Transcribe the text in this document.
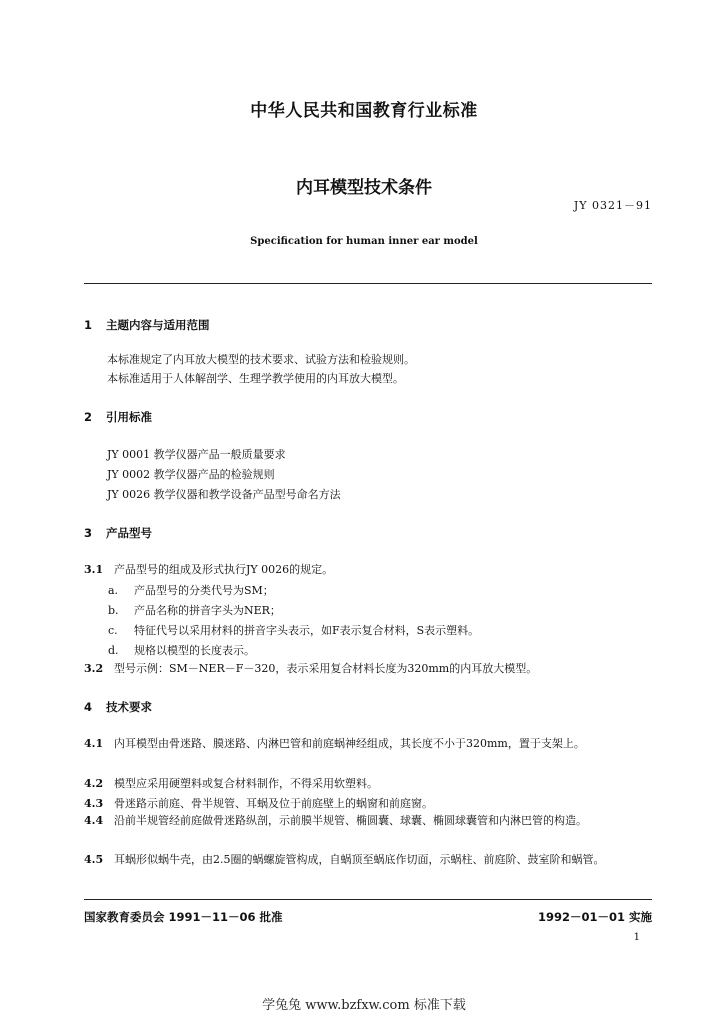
中华人民共和国教育行业标准
内耳模型技术条件
JY 0321－91
Specification for human inner ear model
1 主题内容与适用范围
本标准规定了内耳放大模型的技术要求、试验方法和检验规则。
本标准适用于人体解剖学、生理学教学使用的内耳放大模型。
2 引用标准
JY 0001 教学仪器产品一般质量要求
JY 0002 教学仪器产品的检验规则
JY 0026 教学仪器和教学设备产品型号命名方法
3 产品型号
3.1 产品型号的组成及形式执行JY 0026的规定。
a. 产品型号的分类代号为SM；
b. 产品名称的拼音字头为NER；
c. 特征代号以采用材料的拼音字头表示，如F表示复合材料，S表示塑料。
d. 规格以模型的长度表示。
3.2 型号示例：SM－NER－F－320，表示采用复合材料长度为320mm的内耳放大模型。
4 技术要求
4.1 内耳模型由骨迷路、膜迷路、内淋巴管和前庭蜗神经组成，其长度不小于320mm，置于支架上。
4.2 模型应采用硬塑料或复合材料制作，不得采用软塑料。
4.3 骨迷路示前庭、骨半规管、耳蜗及位于前庭壁上的蜗窗和前庭窗。
4.4 沿前半规管经前庭做骨迷路纵剖，示前膜半规管、椭圆囊、球囊、椭圆球囊管和内淋巴管的构造。
4.5 耳蜗形似蜗牛壳，由2.5圈的蜗螺旋管构成，自蜗顶至蜗底作切面，示蜗柱、前庭阶、鼓室阶和蜗管。
国家教育委员会 1991－11－06 批准	1992－01－01 实施
1
学兔兔 www.bzfxw.com 标准下载
